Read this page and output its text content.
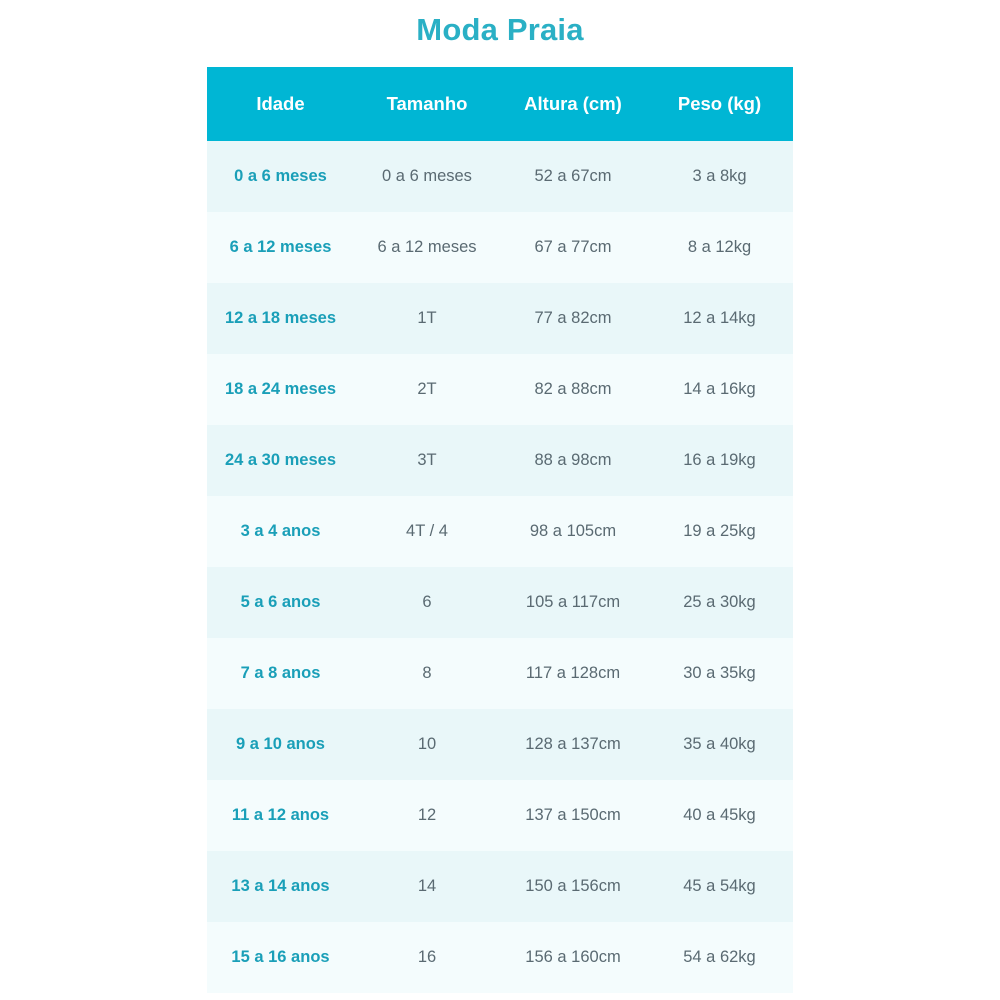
Moda Praia
Idade	Tamanho	Altura (cm)	Peso (kg)
0 a 6 meses	0 a 6 meses	52 a 67cm	3 a 8kg
6 a 12 meses	6 a 12 meses	67 a 77cm	8 a 12kg
12 a 18 meses	1T	77 a 82cm	12 a 14kg
18 a 24 meses	2T	82 a 88cm	14 a 16kg
24 a 30 meses	3T	88 a 98cm	16 a 19kg
3 a 4 anos	4T / 4	98 a 105cm	19 a 25kg
5 a 6 anos	6	105 a 117cm	25 a 30kg
7 a 8 anos	8	117 a 128cm	30 a 35kg
9 a 10 anos	10	128 a 137cm	35 a 40kg
11 a 12 anos	12	137 a 150cm	40 a 45kg
13 a 14 anos	14	150 a 156cm	45 a 54kg
15 a 16 anos	16	156 a 160cm	54 a 62kg
